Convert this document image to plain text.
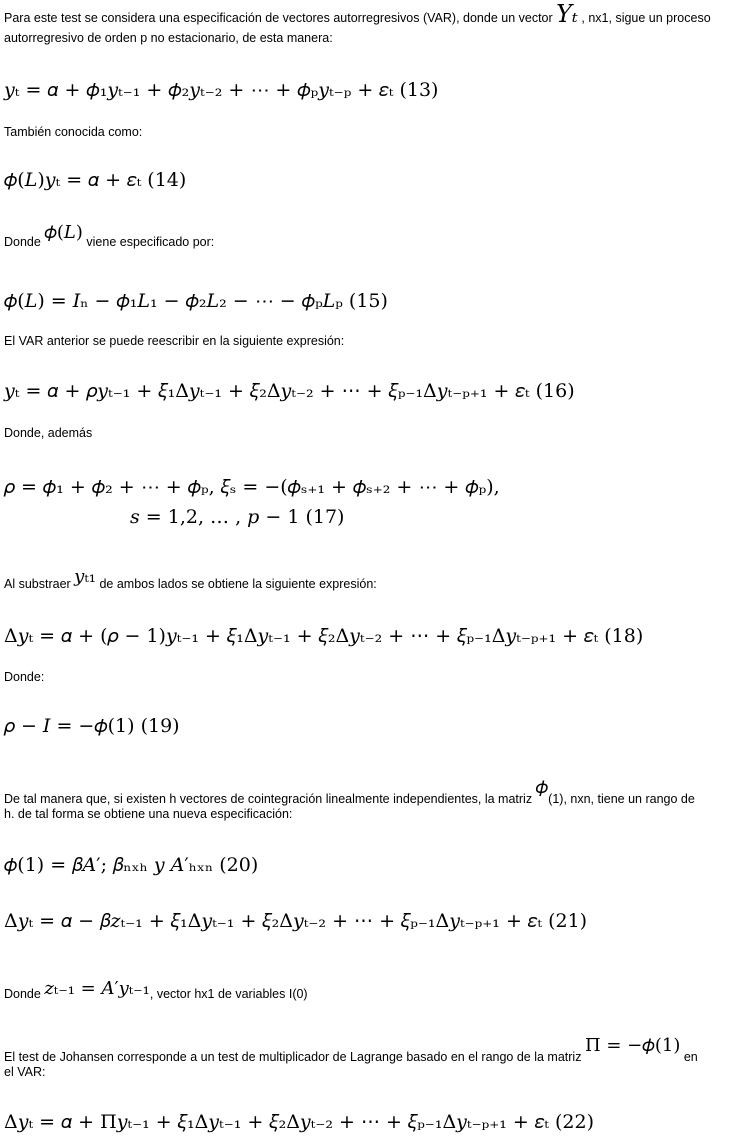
Para este test se considera una especificación de vectores autorregresivos (VAR), donde un vector Yₜ , nx1, sigue un proceso
autorregresivo de orden p no estacionario, de esta manera:
𝑦ₜ = 𝛼 + 𝜙₁𝑦ₜ₋₁ + 𝜙₂𝑦ₜ₋₂ + ⋯ + 𝜙ₚ𝑦ₜ₋ₚ + 𝜀ₜ (13)
También conocida como:
𝜙(𝐿)𝑦ₜ = 𝛼 + 𝜀ₜ (14)
Donde 𝜙(𝐿) viene especificado por:
𝜙(𝐿) = 𝐼ₙ − 𝜙₁𝐿₁ − 𝜙₂𝐿₂ − ⋯ − 𝜙ₚ𝐿ₚ (15)
El VAR anterior se puede reescribir en la siguiente expresión:
𝑦ₜ = 𝛼 + 𝜌𝑦ₜ₋₁ + 𝜉₁Δ𝑦ₜ₋₁ + 𝜉₂Δ𝑦ₜ₋₂ + ⋯ + 𝜉ₚ₋₁Δ𝑦ₜ₋ₚ₊₁ + 𝜀ₜ (16)
Donde, además
𝜌 = 𝜙₁ + 𝜙₂ + ⋯ + 𝜙ₚ, 𝜉ₛ = −(𝜙ₛ₊₁ + 𝜙ₛ₊₂ + ⋯ + 𝜙ₚ),
𝑠 = 1,2, … , 𝑝 − 1 (17)
Al substraer 𝑦ₜ₁ de ambos lados se obtiene la siguiente expresión:
Δ𝑦ₜ = 𝛼 + (𝜌 − 1)𝑦ₜ₋₁ + 𝜉₁Δ𝑦ₜ₋₁ + 𝜉₂Δ𝑦ₜ₋₂ + ⋯ + 𝜉ₚ₋₁Δ𝑦ₜ₋ₚ₊₁ + 𝜀ₜ (18)
Donde:
𝜌 − 𝐼 = −𝜙(1) (19)
De tal manera que, si existen h vectores de cointegración linealmente independientes, la matriz 𝜙(1), nxn, tiene un rango de
h. de tal forma se obtiene una nueva especificación:
𝜙(1) = 𝛽𝐴′; 𝛽ₙₓₕ 𝑦 𝐴′ₕₓₙ (20)
Δ𝑦ₜ = 𝛼 − 𝛽𝑧ₜ₋₁ + 𝜉₁Δ𝑦ₜ₋₁ + 𝜉₂Δ𝑦ₜ₋₂ + ⋯ + 𝜉ₚ₋₁Δ𝑦ₜ₋ₚ₊₁ + 𝜀ₜ (21)
Donde 𝑧ₜ₋₁ = 𝐴′𝑦ₜ₋₁, vector hx1 de variables I(0)
El test de Johansen corresponde a un test de multiplicador de Lagrange basado en el rango de la matriz Π = −𝜙(1) en
el VAR:
Δ𝑦ₜ = 𝛼 + Π𝑦ₜ₋₁ + 𝜉₁Δ𝑦ₜ₋₁ + 𝜉₂Δ𝑦ₜ₋₂ + ⋯ + 𝜉ₚ₋₁Δ𝑦ₜ₋ₚ₊₁ + 𝜀ₜ (22)
